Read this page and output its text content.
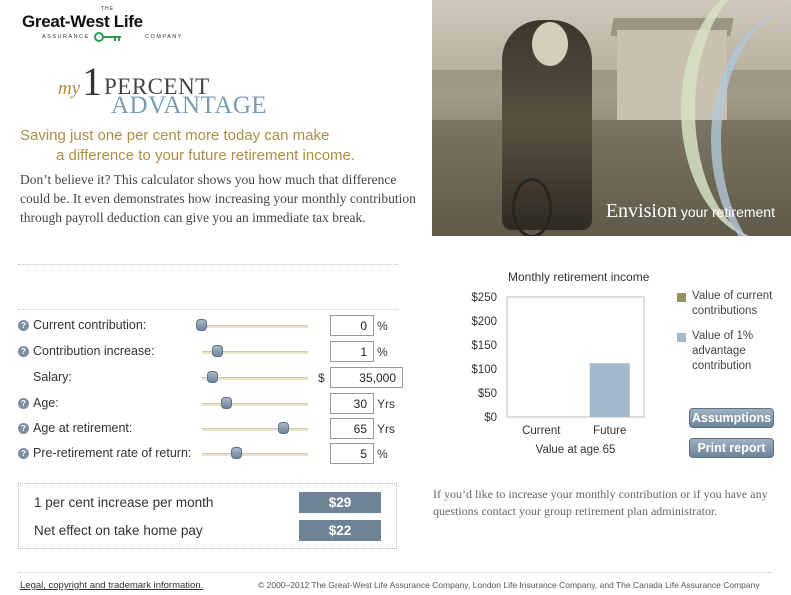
THE
Great-West Life
ASSURANCE	COMPANY
my 1 PERCENT
ADVANTAGE
Saving just one per cent more today can make
a difference to your future retirement income.

Don’t believe it? This calculator shows you how much that difference could be. It even demonstrates how increasing your monthly contribution through payroll deduction can give you an immediate tax break.	Envision your retirement
? Current contribution:	0 %
? Contribution increase:	1 %
Salary:	$	35,000
? Age:	30 Yrs
? Age at retirement:	65 Yrs
? Pre-retirement rate of return:	5 %
1 per cent increase per month	$29
Net effect on take home pay	$22

If you’d like to increase your monthly contribution or if you have any questions contact your group retirement plan administrator.

Monthly retirement income
$250
$200
$150
$100
$50
$0
Current	Future
Value at age 65
Value of current contributions
Value of 1% advantage contribution
Assumptions
Print report
Legal, copyright and trademark information.	© 2000–2012 The Great-West Life Assurance Company, London Life Insurance Company, and The Canada Life Assurance Company
